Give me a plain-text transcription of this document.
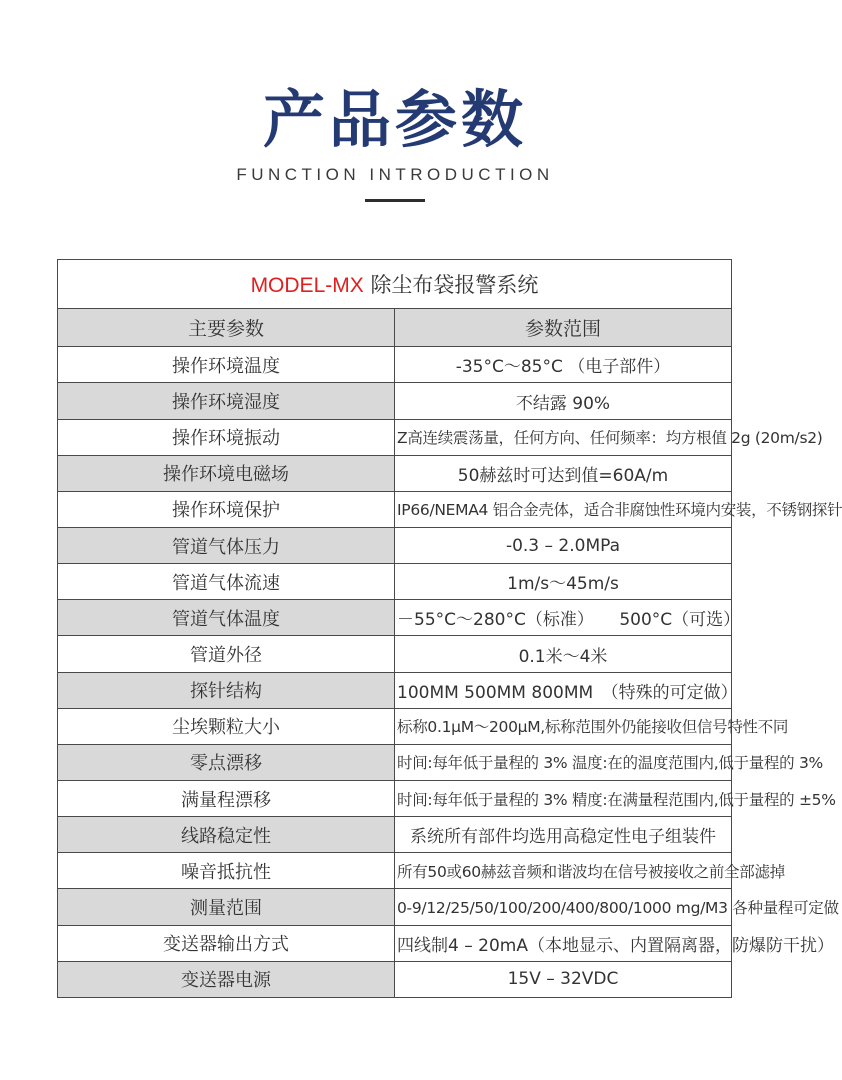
产品参数
FUNCTION INTRODUCTION
MODEL-MX 除尘布袋报警系统	
主要参数	参数范围
操作环境温度	-35°C～85°C （电子部件）
操作环境湿度	不结露 90%
操作环境振动	Z高连续震荡量，任何方向、任何频率：均方根值 2g (20m/s2)
操作环境电磁场	50赫兹时可达到值=60A/m
操作环境保护	IP66/NEMA4 铝合金壳体，适合非腐蚀性环境内安装，不锈钢探针
管道气体压力	-0.3 – 2.0MPa
管道气体流速	1m/s～45m/s
管道气体温度	－55°C～280°C（标准）　　500°C（可选）
管道外径	0.1米～4米
探针结构	100MM 500MM 800MM　（特殊的可定做）
尘埃颗粒大小	标称0.1μM～200μM,标称范围外仍能接收但信号特性不同
零点漂移	时间:每年低于量程的 3% 温度:在的温度范围内,低于量程的 3%
满量程漂移	时间:每年低于量程的 3% 精度:在满量程范围内,低于量程的 ±5%
线路稳定性	系统所有部件均选用高稳定性电子组装件
噪音抵抗性	所有50或60赫兹音频和谐波均在信号被接收之前全部滤掉
测量范围	0-9/12/25/50/100/200/400/800/1000 mg/M3 各种量程可定做
变送器输出方式	四线制4 – 20mA（本地显示、内置隔离器，防爆防干扰）
变送器电源	15V – 32VDC
